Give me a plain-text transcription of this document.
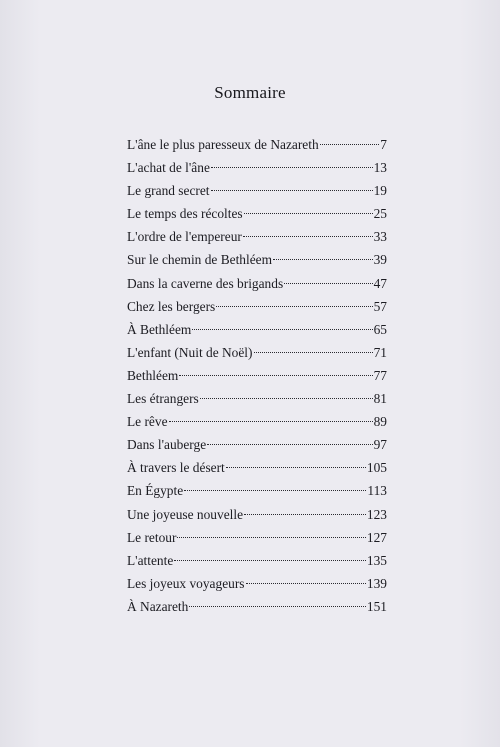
Sommaire
L'âne le plus paresseux de Nazareth	7
L'achat de l'âne	13
Le grand secret	19
Le temps des récoltes	25
L'ordre de l'empereur	33
Sur le chemin de Bethléem	39
Dans la caverne des brigands	47
Chez les bergers	57
À Bethléem	65
L'enfant (Nuit de Noël)	71
Bethléem	77
Les étrangers	81
Le rêve	89
Dans l'auberge	97
À travers le désert	105
En Égypte	113
Une joyeuse nouvelle	123
Le retour	127
L'attente	135
Les joyeux voyageurs	139
À Nazareth	151
